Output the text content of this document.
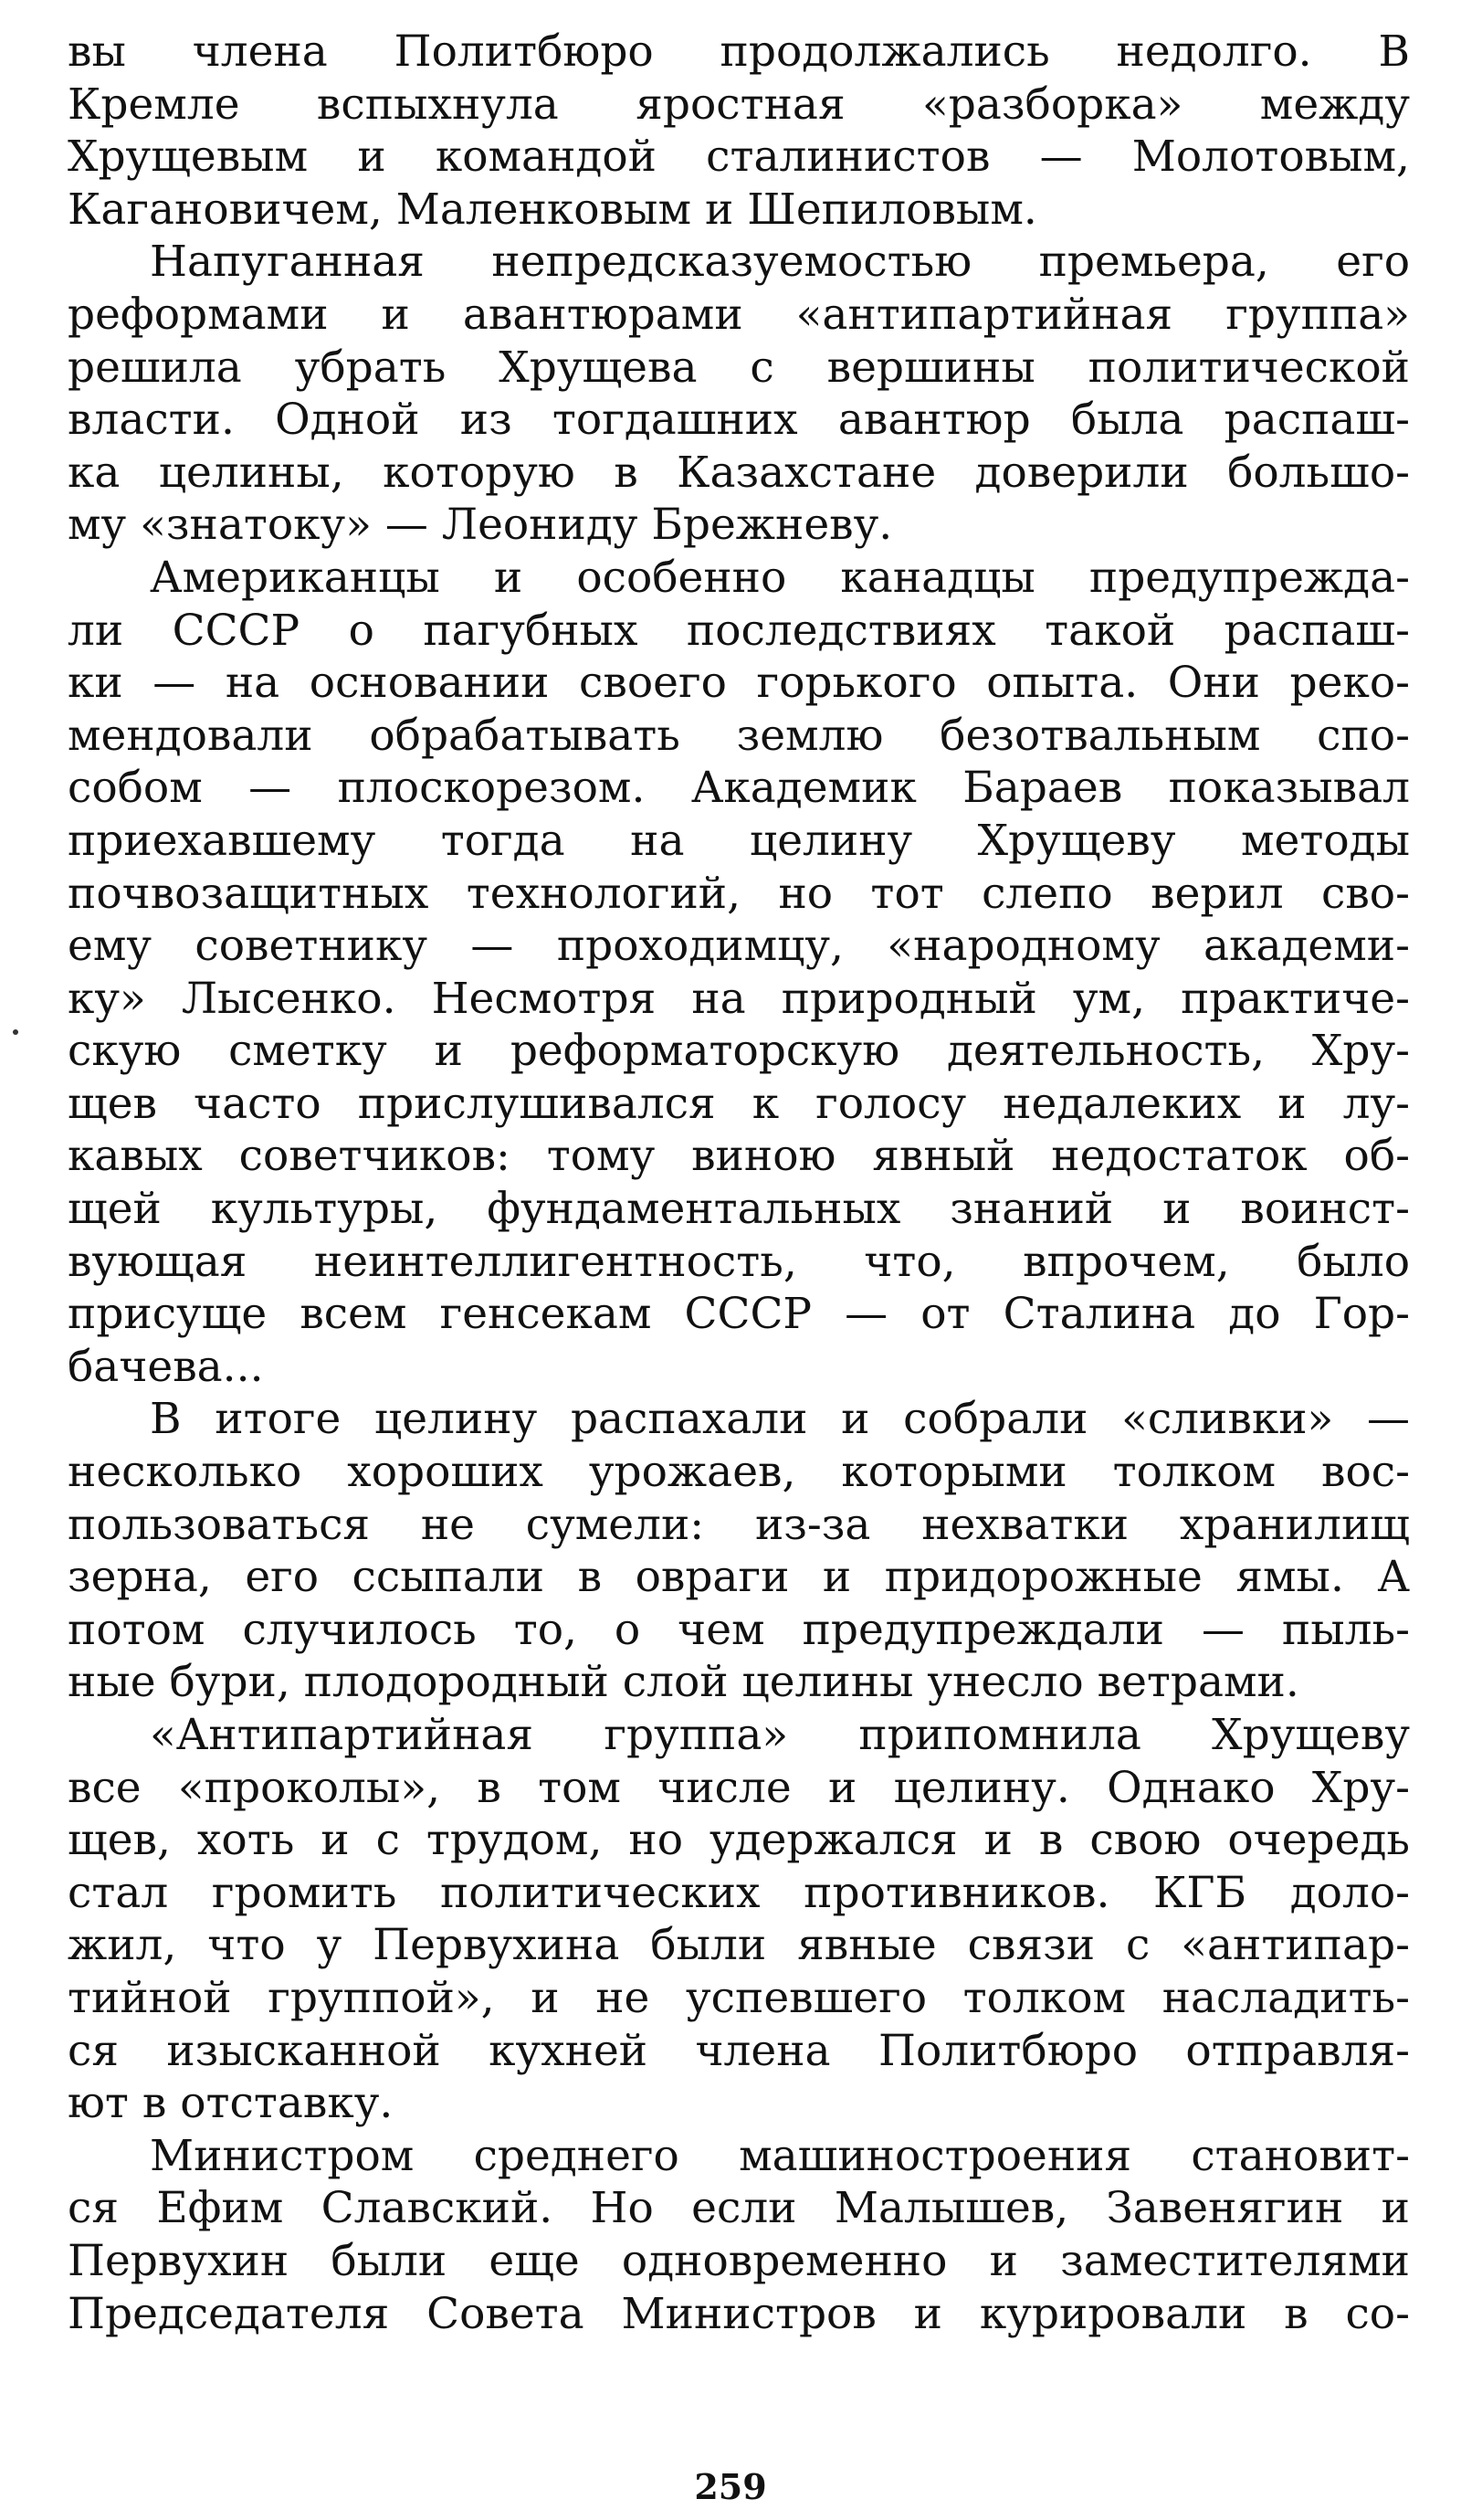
вы члена Политбюро продолжались недолго. В
Кремле вспыхнула яростная «разборка» между
Хрущевым и командой сталинистов — Молотовым,
Кагановичем, Маленковым и Шепиловым.
Напуганная непредсказуемостью премьера, его
реформами и авантюрами «антипартийная группа»
решила убрать Хрущева с вершины политической
власти. Одной из тогдашних авантюр была распаш-
ка целины, которую в Казахстане доверили большо-
му «знатоку» — Леониду Брежневу.
Американцы и особенно канадцы предупрежда-
ли СССР о пагубных последствиях такой распаш-
ки — на основании своего горького опыта. Они реко-
мендовали обрабатывать землю безотвальным спо-
собом — плоскорезом. Академик Бараев показывал
приехавшему тогда на целину Хрущеву методы
почвозащитных технологий, но тот слепо верил сво-
ему советнику — проходимцу, «народному академи-
ку» Лысенко. Несмотря на природный ум, практиче-
скую сметку и реформаторскую деятельность, Хру-
щев часто прислушивался к голосу недалеких и лу-
кавых советчиков: тому виною явный недостаток об-
щей культуры, фундаментальных знаний и воинст-
вующая неинтеллигентность, что, впрочем, было
присуще всем генсекам СССР — от Сталина до Гор-
бачева...
В итоге целину распахали и собрали «сливки» —
несколько хороших урожаев, которыми толком вос-
пользоваться не сумели: из-за нехватки хранилищ
зерна, его ссыпали в овраги и придорожные ямы. А
потом случилось то, о чем предупреждали — пыль-
ные бури, плодородный слой целины унесло ветрами.
«Антипартийная группа» припомнила Хрущеву
все «проколы», в том числе и целину. Однако Хру-
щев, хоть и с трудом, но удержался и в свою очередь
стал громить политических противников. КГБ доло-
жил, что у Первухина были явные связи с «антипар-
тийной группой», и не успевшего толком насладить-
ся изысканной кухней члена Политбюро отправля-
ют в отставку.
Министром среднего машиностроения становит-
ся Ефим Славский. Но если Малышев, Завенягин и
Первухин были еще одновременно и заместителями
Председателя Совета Министров и курировали в со-
259
